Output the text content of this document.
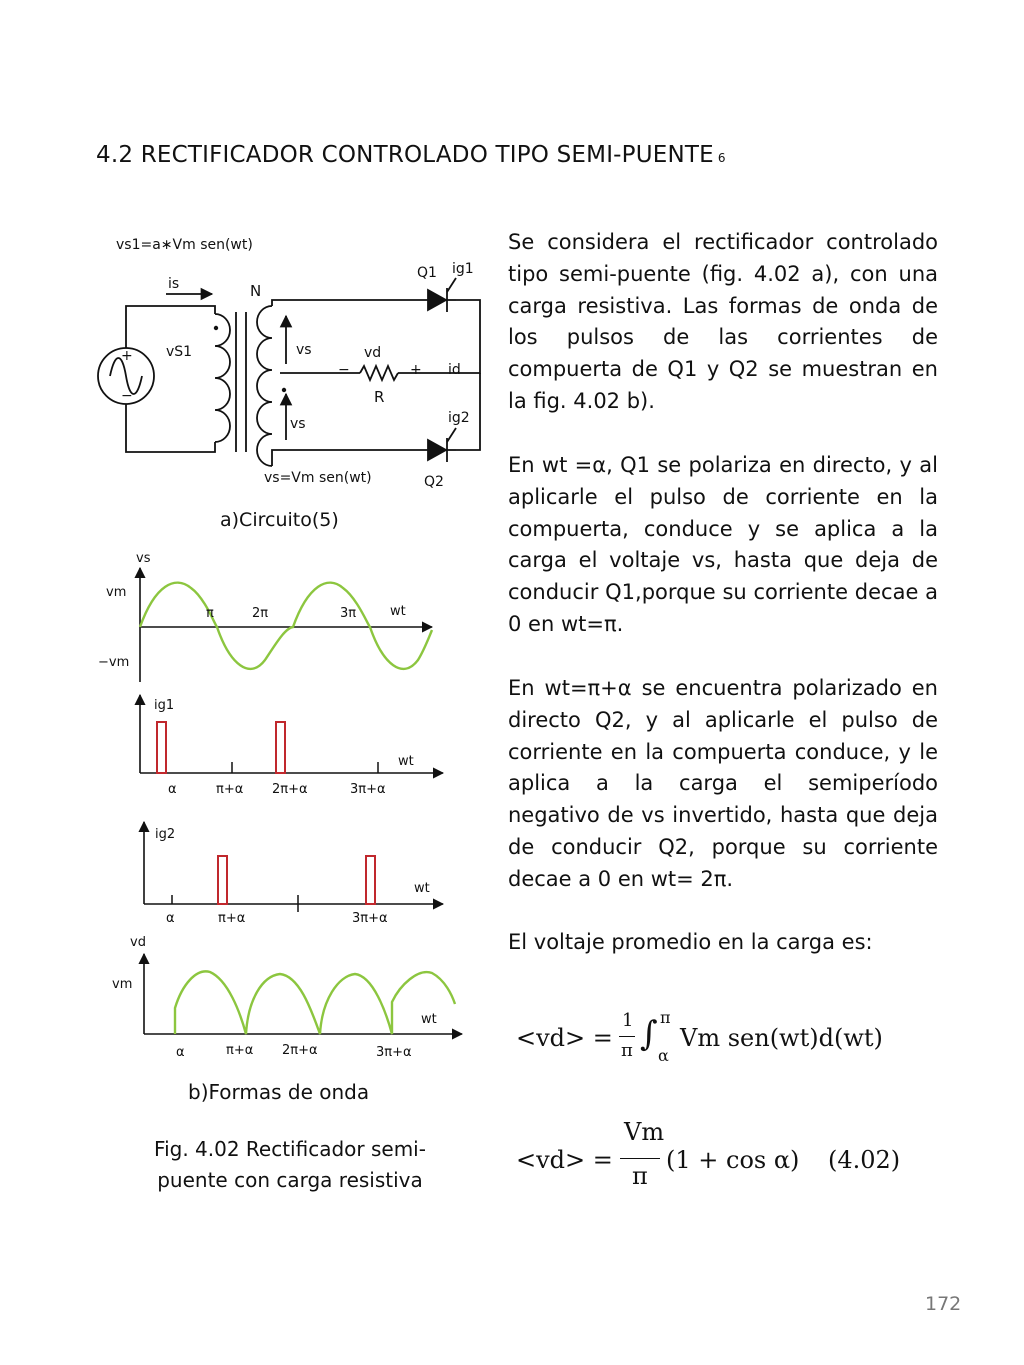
4.2 RECTIFICADOR CONTROLADO TIPO SEMI-PUENTE 6
vs1=a∗Vm sen(wt)
is	N
vS1	vs
vs
vd
−	+
R
id
Q1 ig1
ig2
Q2
vs=Vm sen(wt)
+
−
a)Circuito(5)
vs
vm
−vm
π	2π	3π	wt
ig1
wt
α	π+α 2π+α	3π+α
ig2
wt
α	π+α	3π+α
vd
vm
wt
α	π+α 2π+α	3π+α
b)Formas de onda
Fig. 4.02 Rectificador semi-
puente con carga resistiva
Se considera el rectificador controlado tipo semi-puente (fig. 4.02 a), con una carga resistiva. Las formas de onda de los pulsos de las corrientes de compuerta de Q1 y Q2 se muestran en la fig. 4.02 b).
En wt =α, Q1 se polariza en directo, y al aplicarle el pulso de corriente en la compuerta, conduce y se aplica a la carga el voltaje vs, hasta que deja de conducir Q1,porque su corriente decae a 0 en wt=π.
En wt=π+α se encuentra polarizado en directo Q2, y al aplicarle el pulso de corriente en la compuerta conduce, y le aplica a la carga el semiperíodo negativo de vs invertido, hasta que deja de conducir Q2, porque su corriente decae a 0 en wt= 2π.
El voltaje promedio en la carga es:
<vd> =
1
π ∫ π
α
Vm sen(wt)d(wt)
<vd> =
Vm
π
(1 + cos α) (4.02)
172
